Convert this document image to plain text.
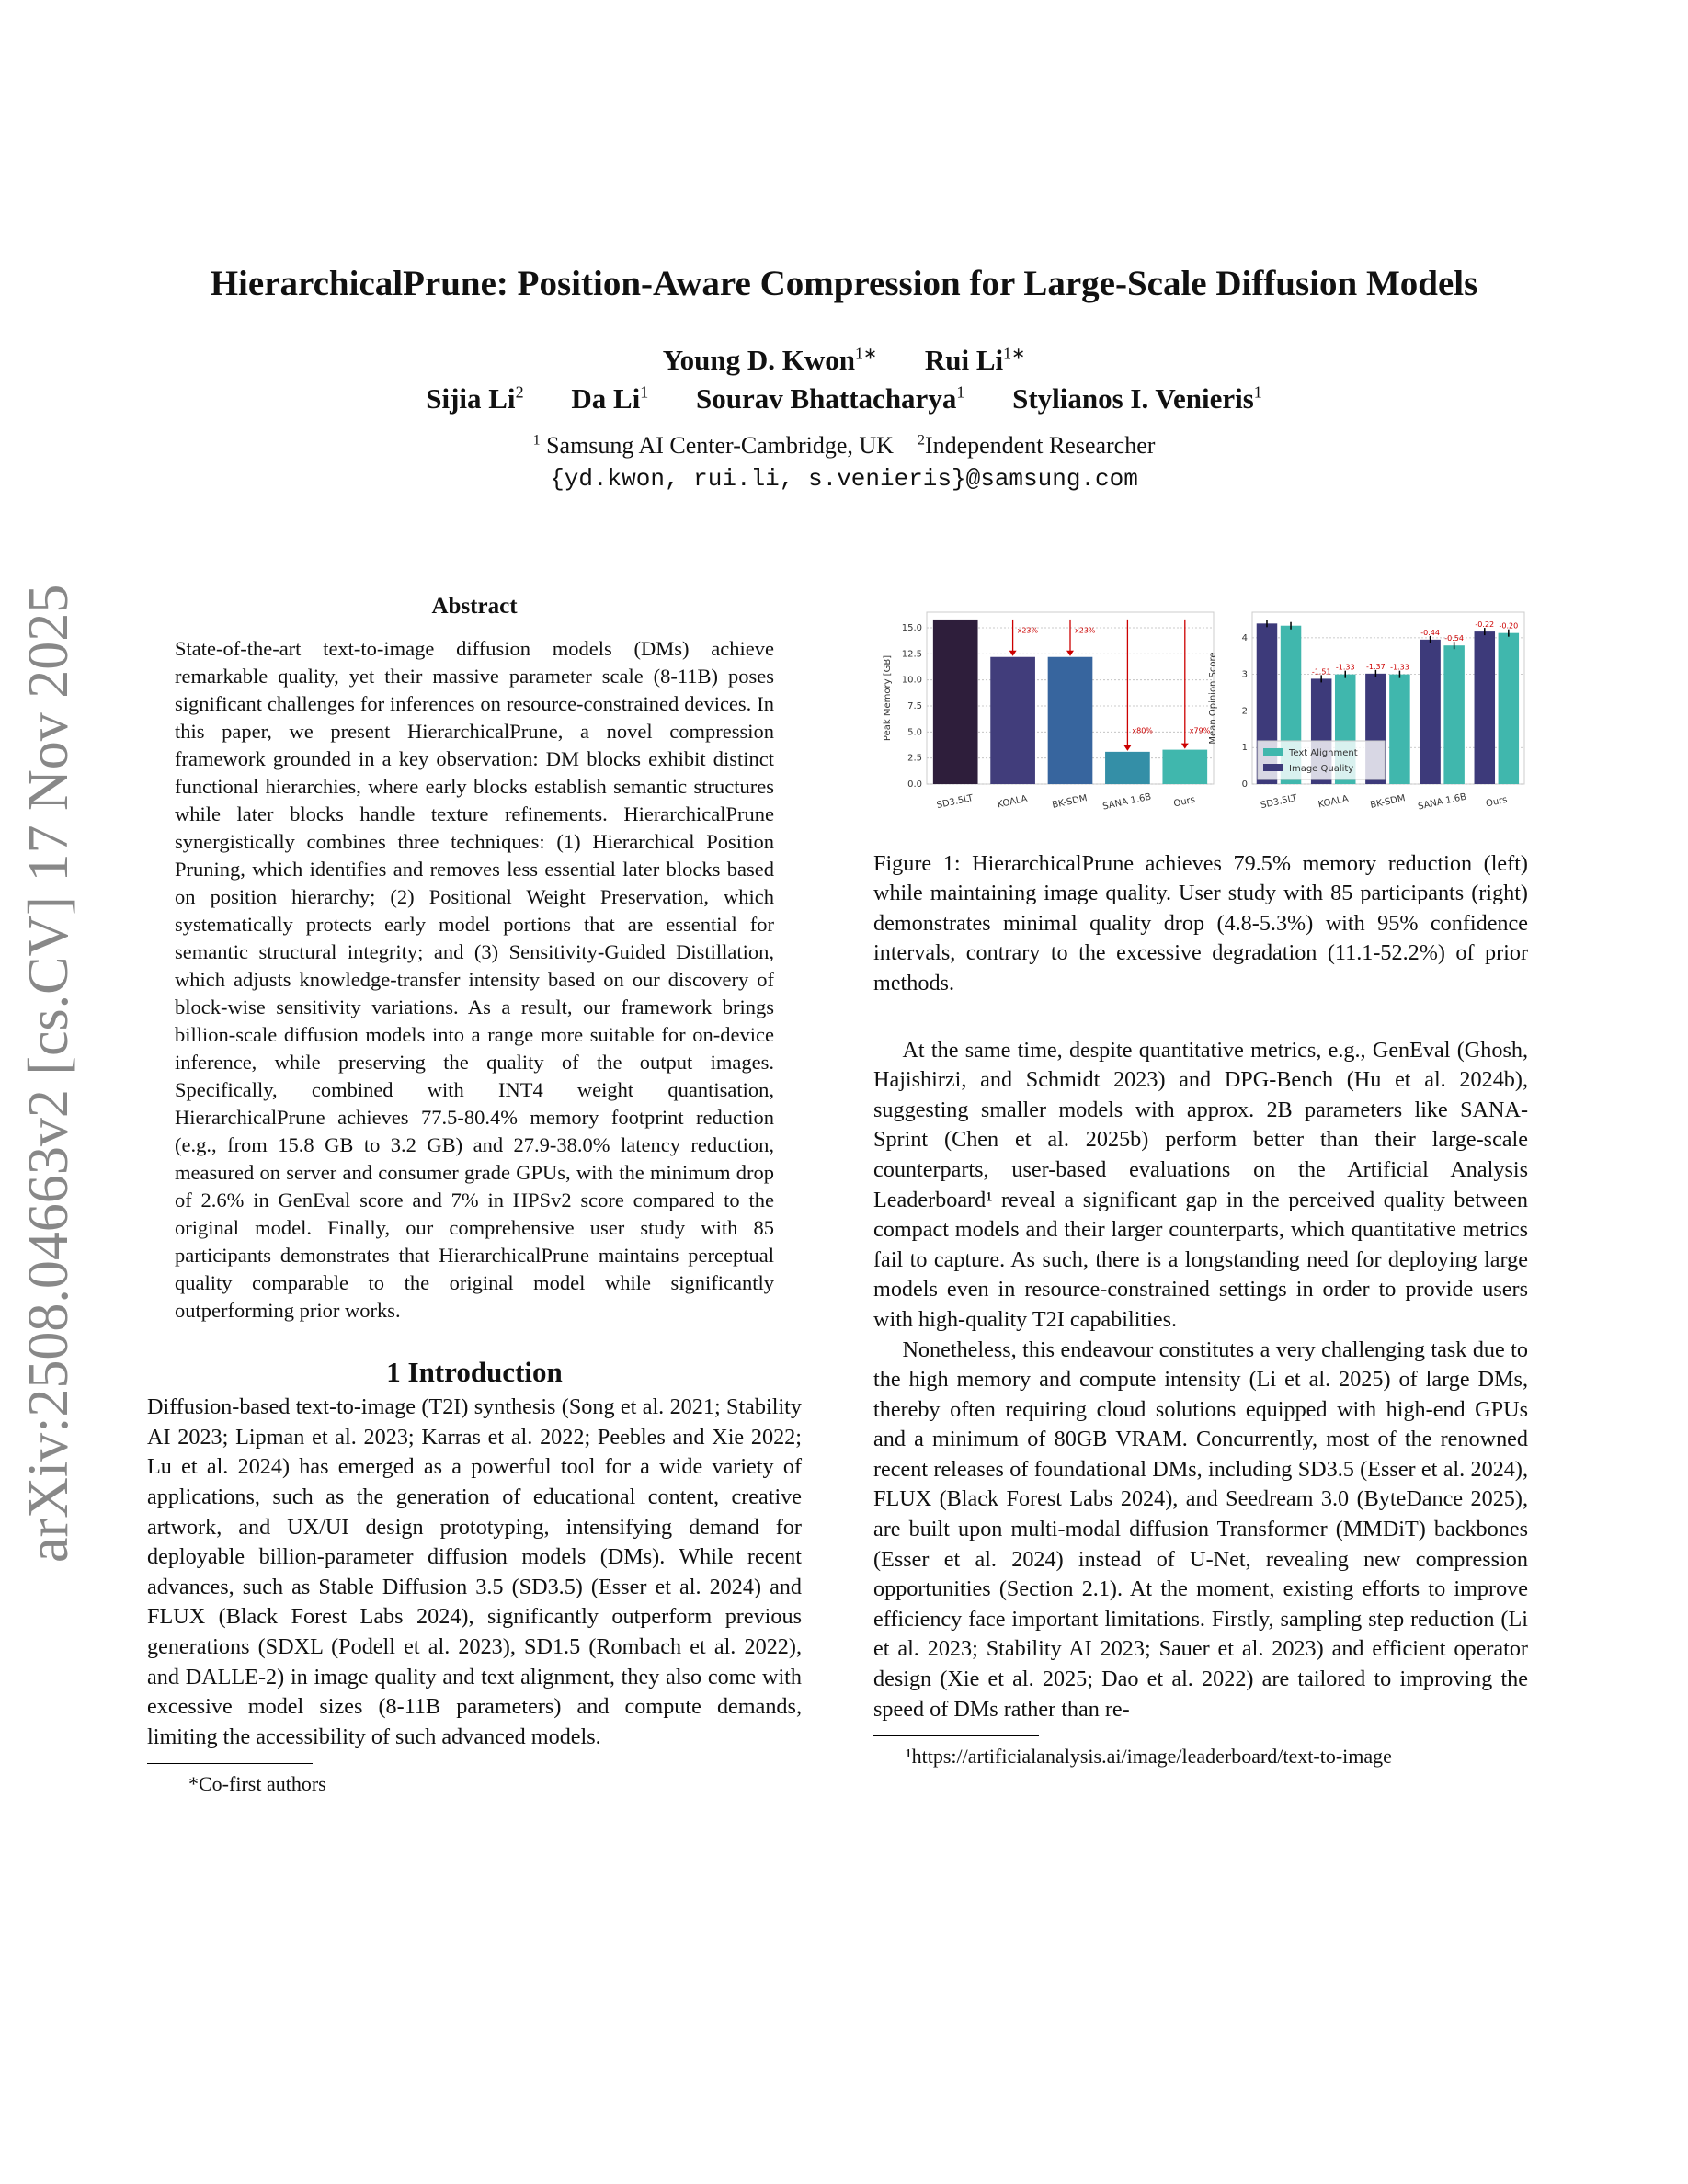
HierarchicalPrune: Position-Aware Compression for Large-Scale Diffusion Models
Young D. Kwon$^{1∗}$ Rui $Li^{1∗}$
Sijia Li$^2$ Da Li$^1$ Sourav Bhattacharya$^1$ Stylianos I. Venieris$^1$
$^1$ Samsung AI Center-Cambridge, UK $^2$Independent Researcher
{yd.kwon, rui.li, s.venieris}@samsung.com
arXiv:2508.04663v2 [cs.CV] 17 Nov 2025	Abstract

State-of-the-art text-to-image diffusion models (DMs) achieve remarkable quality, yet their massive parameter scale (8-11B) poses significant challenges for inferences on resource-constrained devices. In this paper, we present HierarchicalPrune, a novel compression framework grounded in a key observation: DM blocks exhibit distinct functional hierarchies, where early blocks establish semantic structures while later blocks handle texture refinements. HierarchicalPrune synergistically combines three techniques: (1) Hierarchical Position Pruning, which identifies and removes less essential later blocks based on position hierarchy; (2) Positional Weight Preservation, which systematically protects early model portions that are essential for semantic structural integrity; and (3) Sensitivity-Guided Distillation, which adjusts knowledge-transfer intensity based on our discovery of block-wise sensitivity variations. As a result, our framework brings billion-scale diffusion models into a range more suitable for on-device inference, while preserving the quality of the output images. Specifically, combined with INT4 weight quantisation, HierarchicalPrune achieves 77.5-80.4% memory footprint reduction (e.g., from 15.8 GB to 3.2 GB) and 27.9-38.0% latency reduction, measured on server and consumer grade GPUs, with the minimum drop of 2.6% in GenEval score and 7% in HPSv2 score compared to the original model. Finally, our comprehensive user study with 85 participants demonstrates that HierarchicalPrune maintains perceptual quality comparable to the original model while significantly outperforming prior works.

1 Introduction

Diffusion-based text-to-image (T2I) synthesis (Song et al. 2021; Stability AI 2023; Lipman et al. 2023; Karras et al. 2022; Peebles and Xie 2022; Lu et al. 2024) has emerged as a powerful tool for a wide variety of applications, such as the generation of educational content, creative artwork, and UX/UI design prototyping, intensifying demand for deployable billion-parameter diffusion models (DMs). While recent advances, such as Stable Diffusion 3.5 (SD3.5) (Esser et al. 2024) and FLUX (Black Forest Labs 2024), significantly outperform previous generations (SDXL (Podell et al. 2023), SD1.5 (Rombach et al. 2022), and DALLE-2) in image quality and text alignment, they also come with excessive model sizes (8-11B parameters) and compute demands, limiting the accessibility of such advanced models.

*Co-first authors

0.0
2.5
5.0
7.5
10.0
12.5
15.0
Peak Memory [GB]
SD3.5LT KOALA
x23%
BK-SDM
x23%
SANA 1.6B
x80%
Ours
x79%
0
1
2
3
4
Mean Opinion Score
SD3.5LT
-1.51
-1.33
KOALA
-1.37 -1.33
BK-SDM
-0.44
-0.54
SANA 1.6B
-0.22 -0.20
Ours
Text Alignment
Image Quality

Figure 1: HierarchicalPrune achieves 79.5% memory reduction (left) while maintaining image quality. User study with 85 participants (right) demonstrates minimal quality drop (4.8-5.3%) with 95% confidence intervals, contrary to the excessive degradation (11.1-52.2%) of prior methods.

At the same time, despite quantitative metrics, e.g., GenEval (Ghosh, Hajishirzi, and Schmidt 2023) and DPG-Bench (Hu et al. 2024b), suggesting smaller models with approx. 2B parameters like SANA-Sprint (Chen et al. 2025b) perform better than their large-scale counterparts, user-based evaluations on the Artificial Analysis Leaderboard¹ reveal a significant gap in the perceived quality between compact models and their larger counterparts, which quantitative metrics fail to capture. As such, there is a longstanding need for deploying large models even in resource-constrained settings in order to provide users with high-quality T2I capabilities.

Nonetheless, this endeavour constitutes a very challenging task due to the high memory and compute intensity (Li et al. 2025) of large DMs, thereby often requiring cloud solutions equipped with high-end GPUs and a minimum of 80GB VRAM. Concurrently, most of the renowned recent releases of foundational DMs, including SD3.5 (Esser et al. 2024), FLUX (Black Forest Labs 2024), and Seedream 3.0 (ByteDance 2025), are built upon multi-modal diffusion Transformer (MMDiT) backbones (Esser et al. 2024) instead of U-Net, revealing new compression opportunities (Section 2.1). At the moment, existing efforts to improve efficiency face important limitations. Firstly, sampling step reduction (Li et al. 2023; Stability AI 2023; Sauer et al. 2023) and efficient operator design (Xie et al. 2025; Dao et al. 2022) are tailored to improving the speed of DMs rather than re-

¹https://artificialanalysis.ai/image/leaderboard/text-to-image
